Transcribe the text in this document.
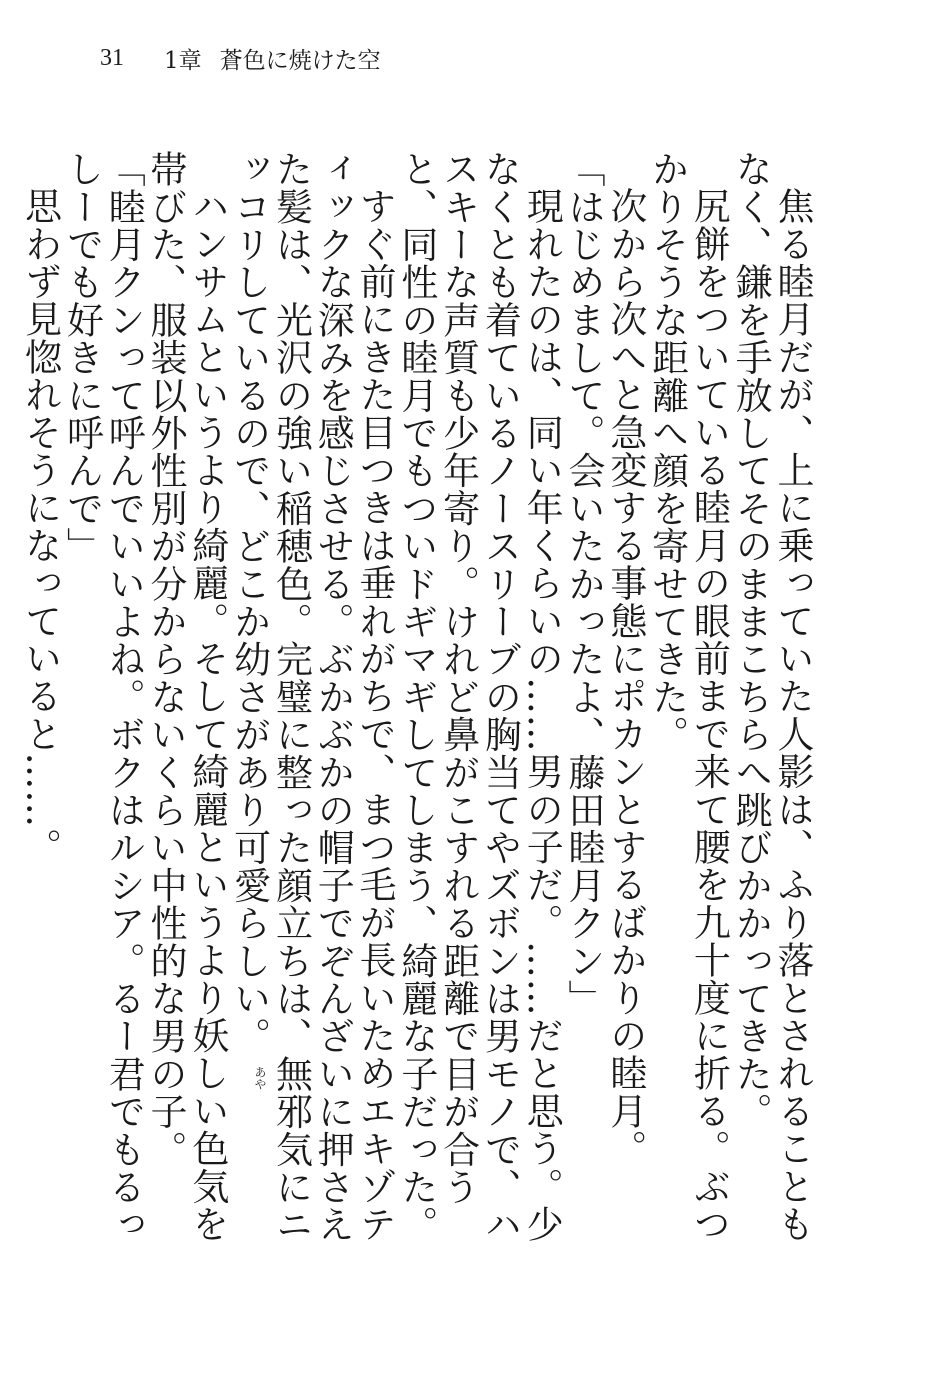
31 1章 蒼色に焼けた空

焦る睦月だが、上に乗っていた人影は、ふり落とされることもなく、鎌を手放してそのままこちらへ跳びかかってきた。

尻餅をついている睦月の眼前まで来て腰を九十度に折る。ぶつかりそうな距離へ顔を寄せてきた。

次から次へと急変する事態にポカンとするばかりの睦月。

「はじめまして。会いたかったよ、藤田睦月クン」

現れたのは、同い年くらいの……男の子だ。……だと思う。少なくとも着ているノースリーブの胸当てやズボンは男モノで、ハスキーな声質も少年寄り。けれど鼻がこすれる距離で目が合うと、同性の睦月でもついドギマギしてしまう、綺麗な子だった。

すぐ前にきた目つきは垂れがちで、まつ毛が長いためエキゾティックな深みを感じさせる。ぶかぶかの帽子でぞんざいに押さえた髪は、光沢の強い稲穂色。完璧に整った顔立ちは、無邪気にニッコリしているので、どこか幼さがあり可愛らしい。

ハンサムというより綺麗。そして綺麗というより妖しい色気を帯びた、服装以外性別が分からないくらい中性的な男の子。

「睦月クンって呼んでいいよね。ボクはルシア。るー君でもるっしーでも好きに呼んで」

思わず見惚れそうになっていると……。

あや
